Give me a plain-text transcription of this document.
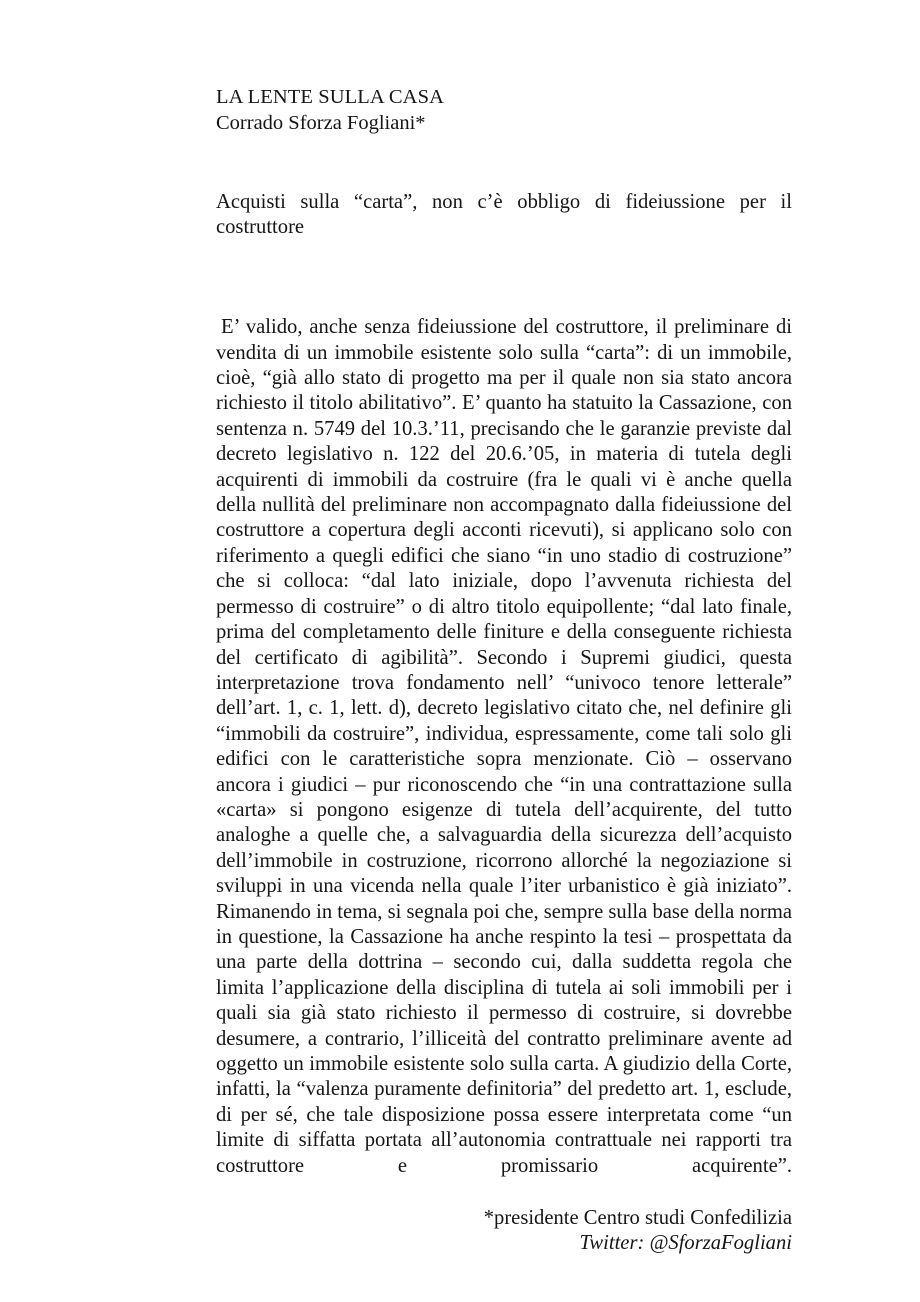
LA LENTE SULLA CASA
Corrado Sforza Fogliani*

Acquisti sulla “carta”, non c’è obbligo di fideiussione per il costruttore

E’ valido, anche senza fideiussione del costruttore, il preliminare di vendita di un immobile esistente solo sulla “carta”: di un immobile, cioè, “già allo stato di progetto ma per il quale non sia stato ancora richiesto il titolo abilitativo”. E’ quanto ha statuito la Cassazione, con sentenza n. 5749 del 10.3.’11, precisando che le garanzie previste dal decreto legislativo n. 122 del 20.6.’05, in materia di tutela degli acquirenti di immobili da costruire (fra le quali vi è anche quella della nullità del preliminare non accompagnato dalla fideiussione del costruttore a copertura degli acconti ricevuti), si applicano solo con riferimento a quegli edifici che siano “in uno stadio di costruzione” che si colloca: “dal lato iniziale, dopo l’avvenuta richiesta del permesso di costruire” o di altro titolo equipollente; “dal lato finale, prima del completamento delle finiture e della conseguente richiesta del certificato di agibilità”. Secondo i Supremi giudici, questa interpretazione trova fondamento nell’ “univoco tenore letterale” dell’art. 1, c. 1, lett. d), decreto legislativo citato che, nel definire gli “immobili da costruire”, individua, espressamente, come tali solo gli edifici con le caratteristiche sopra menzionate. Ciò – osservano ancora i giudici – pur riconoscendo che “in una contrattazione sulla «carta» si pongono esigenze di tutela dell’acquirente, del tutto analoghe a quelle che, a salvaguardia della sicurezza dell’acquisto dell’immobile in costruzione, ricorrono allorché la negoziazione si sviluppi in una vicenda nella quale l’iter urbanistico è già iniziato”. Rimanendo in tema, si segnala poi che, sempre sulla base della norma in questione, la Cassazione ha anche respinto la tesi – prospettata da una parte della dottrina – secondo cui, dalla suddetta regola che limita l’applicazione della disciplina di tutela ai soli immobili per i quali sia già stato richiesto il permesso di costruire, si dovrebbe desumere, a contrario, l’illiceità del contratto preliminare avente ad oggetto un immobile esistente solo sulla carta. A giudizio della Corte, infatti, la “valenza puramente definitoria” del predetto art. 1, esclude, di per sé, che tale disposizione possa essere interpretata come “un limite di siffatta portata all’autonomia contrattuale nei rapporti tra costruttore e promissario acquirente”.

*presidente Centro studi Confedilizia
Twitter: @SforzaFogliani
